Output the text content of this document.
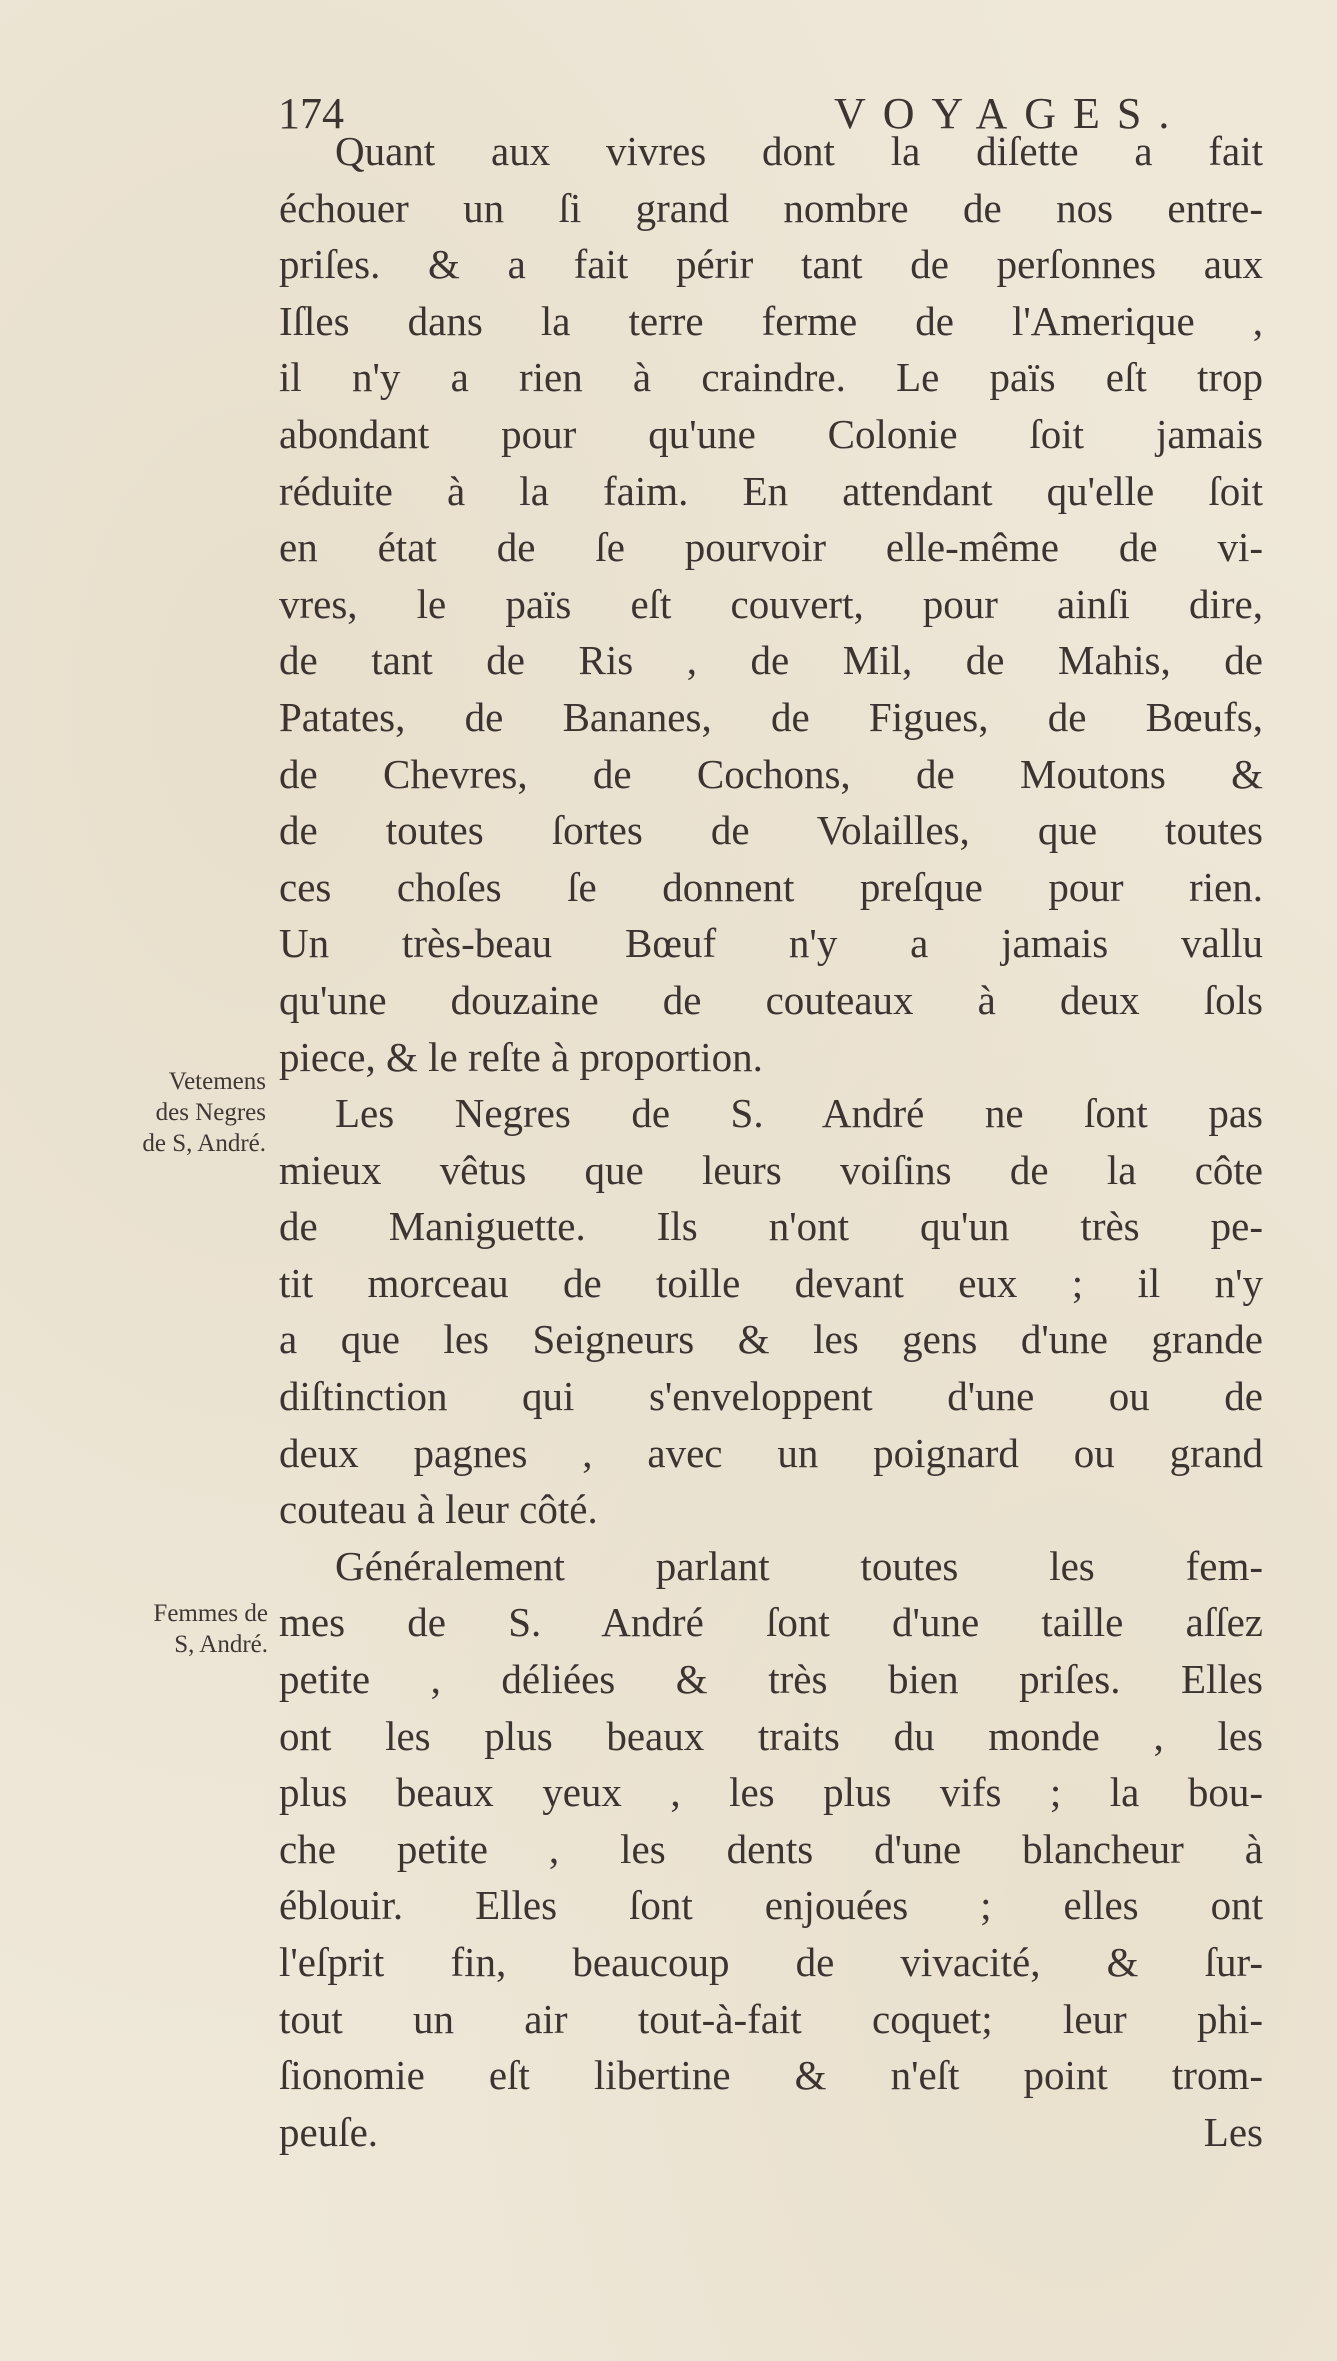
174	VOYAGES.
Vetemens
des Negres
de S, André.
Femmes de
S, André.
Quant aux vivres dont la diſette a fait
échouer un ſi grand nombre de nos entre-
priſes. & a fait périr tant de perſonnes aux
Iſles dans la terre ferme de l'Amerique ,
il n'y a rien à craindre. Le païs eſt trop
abondant pour qu'une Colonie ſoit jamais
réduite à la faim. En attendant qu'elle ſoit
en état de ſe pourvoir elle-même de vi-
vres, le païs eſt couvert, pour ainſi dire,
de tant de Ris , de Mil, de Mahis, de
Patates, de Bananes, de Figues, de Bœufs,
de Chevres, de Cochons, de Moutons &
de toutes ſortes de Volailles, que toutes
ces choſes ſe donnent preſque pour rien.
Un très-beau Bœuf n'y a jamais vallu
qu'une douzaine de couteaux à deux ſols
piece, & le reſte à proportion.
Les Negres de S. André ne ſont pas
mieux vêtus que leurs voiſins de la côte
de Maniguette. Ils n'ont qu'un très pe-
tit morceau de toille devant eux ; il n'y
a que les Seigneurs & les gens d'une grande
diſtinction qui s'enveloppent d'une ou de
deux pagnes , avec un poignard ou grand
couteau à leur côté.
Généralement parlant toutes les fem-
mes de S. André ſont d'une taille aſſez
petite , déliées & très bien priſes. Elles
ont les plus beaux traits du monde , les
plus beaux yeux , les plus vifs ; la bou-
che petite , les dents d'une blancheur à
éblouir. Elles ſont enjouées ; elles ont
l'eſprit fin, beaucoup de vivacité, & ſur-
tout un air tout-à-fait coquet; leur phi-
ſionomie eſt libertine & n'eſt point trom-
peuſe.	Les
